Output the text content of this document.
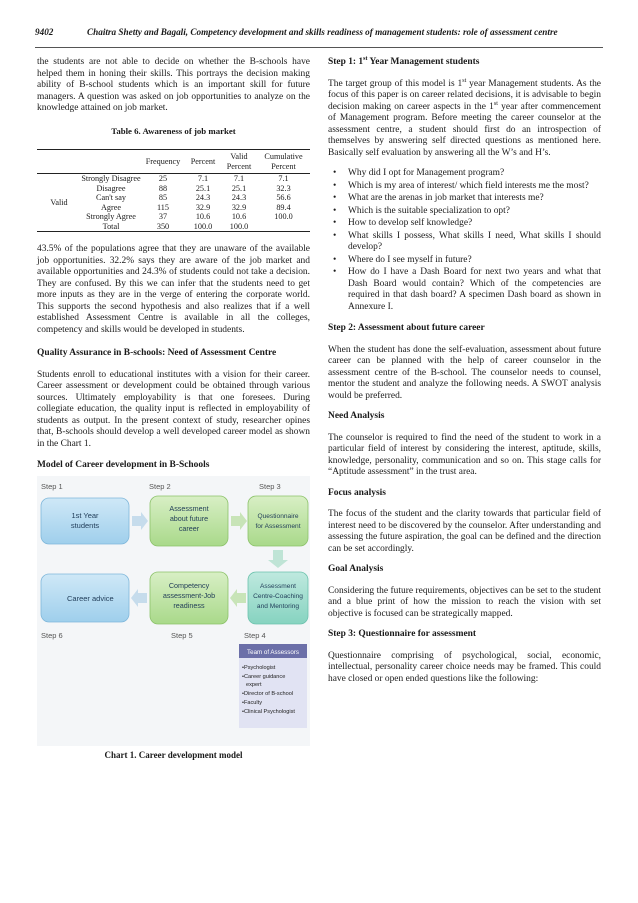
9402	Chaitra Shetty and Bagali, Competency development and skills readiness of management students: role of assessment centre

the students are not able to decide on whether the B-schools have helped them in honing their skills. This portrays the decision making ability of B-school students which is an important skill for future managers. A question was asked on job opportunities to analyze on the knowledge attained on job market.

Table 6. Awareness of job market
		Frequency	Percent	Valid Percent	Cumulative Percent
Valid	Strongly Disagree	25	7.1	7.1	7.1
	Disagree	88	25.1	25.1	32.3
	Can't say	85	24.3	24.3	56.6
	Agree	115	32.9	32.9	89.4
	Strongly Agree	37	10.6	10.6	100.0
	Total	350	100.0	100.0	

43.5% of the populations agree that they are unaware of the available job opportunities. 32.2% says they are aware of the job market and available opportunities and 24.3% of students could not take a decision. They are confused. By this we can infer that the students need to get more inputs as they are in the verge of entering the corporate world. This supports the second hypothesis and also realizes that if a well established Assessment Centre is available in all the colleges, competency and skills would be developed in students.

Quality Assurance in B-schools: Need of Assessment Centre

Students enroll to educational institutes with a vision for their career. Career assessment or development could be obtained through various sources. Ultimately employability is that one foresees. During collegiate education, the quality input is reflected in employability of students as output. In the present context of study, researcher opines that, B-schools should develop a well developed career model as shown in the Chart 1.

Model of Career development in B-Schools

Step 1	Step 2	Step 3
1st Year
students
Assessment
about future
career
Questionnaire
for Assessment
Assessment
Centre-Coaching
and Mentoring
Competency
assessment-Job
readiness
Career advice
Step 6	Step 5	Step 4
Team of Assessors
•Psychologist
•Career guidance
expert
•Director of B-school
•Faculty
•Clinical Psychologist
Chart 1. Career development model

Step 1: 1st Year Management students

The target group of this model is 1st year Management students. As the focus of this paper is on career related decisions, it is advisable to begin decision making on career aspects in the 1st year after commencement of Management program. Before meeting the career counselor at the assessment centre, a student should first do an introspection of themselves by answering self directed questions as mentioned here. Basically self evaluation by answering all the W’s and H’s.

• Why did I opt for Management program?
• Which is my area of interest/ which field interests me the most?
• What are the arenas in job market that interests me?
• Which is the suitable specialization to opt?
• How to develop self knowledge?
• What skills I possess, What skills I need, What skills I should develop?
• Where do I see myself in future?
• How do I have a Dash Board for next two years and what that Dash Board would contain? Which of the competencies are required in that dash board? A specimen Dash board as shown in Annexure I.

Step 2: Assessment about future career

When the student has done the self-evaluation, assessment about future career can be planned with the help of career counselor in the assessment centre of the B-school. The counselor needs to counsel, mentor the student and analyze the following needs. A SWOT analysis would be preferred.

Need Analysis

The counselor is required to find the need of the student to work in a particular field of interest by considering the interest, aptitude, skills, knowledge, personality, communication and so on. This stage calls for “Aptitude assessment” in the trust area.

Focus analysis

The focus of the student and the clarity towards that particular field of interest need to be discovered by the counselor. After understanding and assessing the future aspiration, the goal can be defined and the direction can be set accordingly.

Goal Analysis

Considering the future requirements, objectives can be set to the student and a blue print of how the mission to reach the vision with set objective is focused can be strategically mapped.

Step 3: Questionnaire for assessment

Questionnaire comprising of psychological, social, economic, intellectual, personality career choice needs may be framed. This could have closed or open ended questions like the following:
